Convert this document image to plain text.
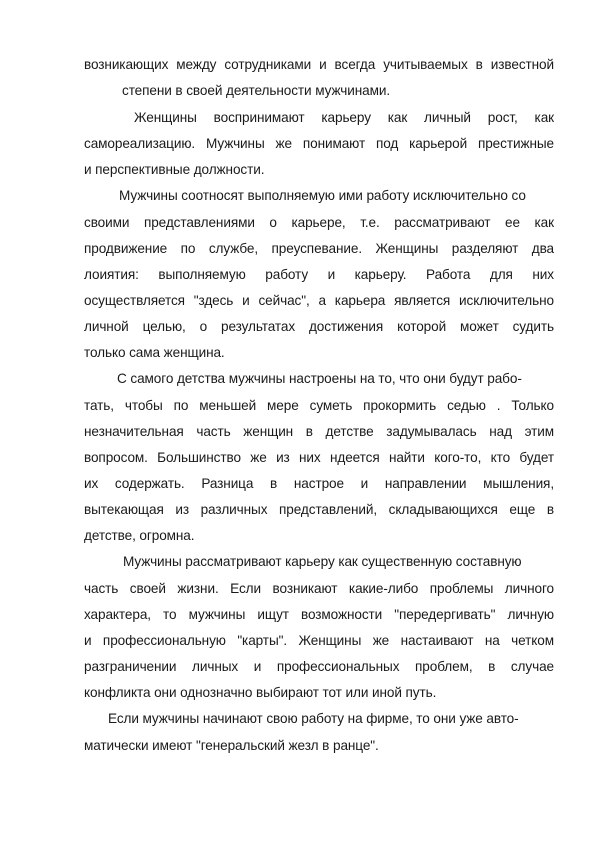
возникающих между сотрудниками и всегда учитываемых в известной
степени в своей деятельности мужчинами.
Женщины воспринимают карьеру как личный рост, как
самореализацию. Мужчины же понимают под карьерой престижные
и перспективные должности.
Мужчины соотносят выполняемую ими работу исключительно со
своими представлениями о карьере, т.е. рассматривают ее как
продвижение по службе, преуспевание. Женщины разделяют два
лоиятия: выполняемую работу и карьеру. Работа для них
осуществляется "здесь и сейчас", а карьера является исключительно
личной целью, о результатах достижения которой может судить
только сама женщина.
С самого детства мужчины настроены на то, что они будут рабо-
тать, чтобы по меньшей мере суметь прокормить седью . Только
незначительная часть женщин в детстве задумывалась над этим
вопросом. Большинство же из них ндеется найти кого-то, кто будет
их содержать. Разница в настрое и направлении мышления,
вытекающая из различных представлений, складывающихся еще в
детстве, огромна.
Мужчины рассматривают карьеру как существенную составную
часть своей жизни. Если возникают какие-либо проблемы личного
характера, то мужчины ищут возможности "передергивать" личную
и профессиональную "карты". Женщины же настаивают на четком
разграничении личных и профессиональных проблем, в случае
конфликта они однозначно выбирают тот или иной путь.
Если мужчины начинают свою работу на фирме, то они уже авто-
матически имеют "генеральский жезл в ранце".
